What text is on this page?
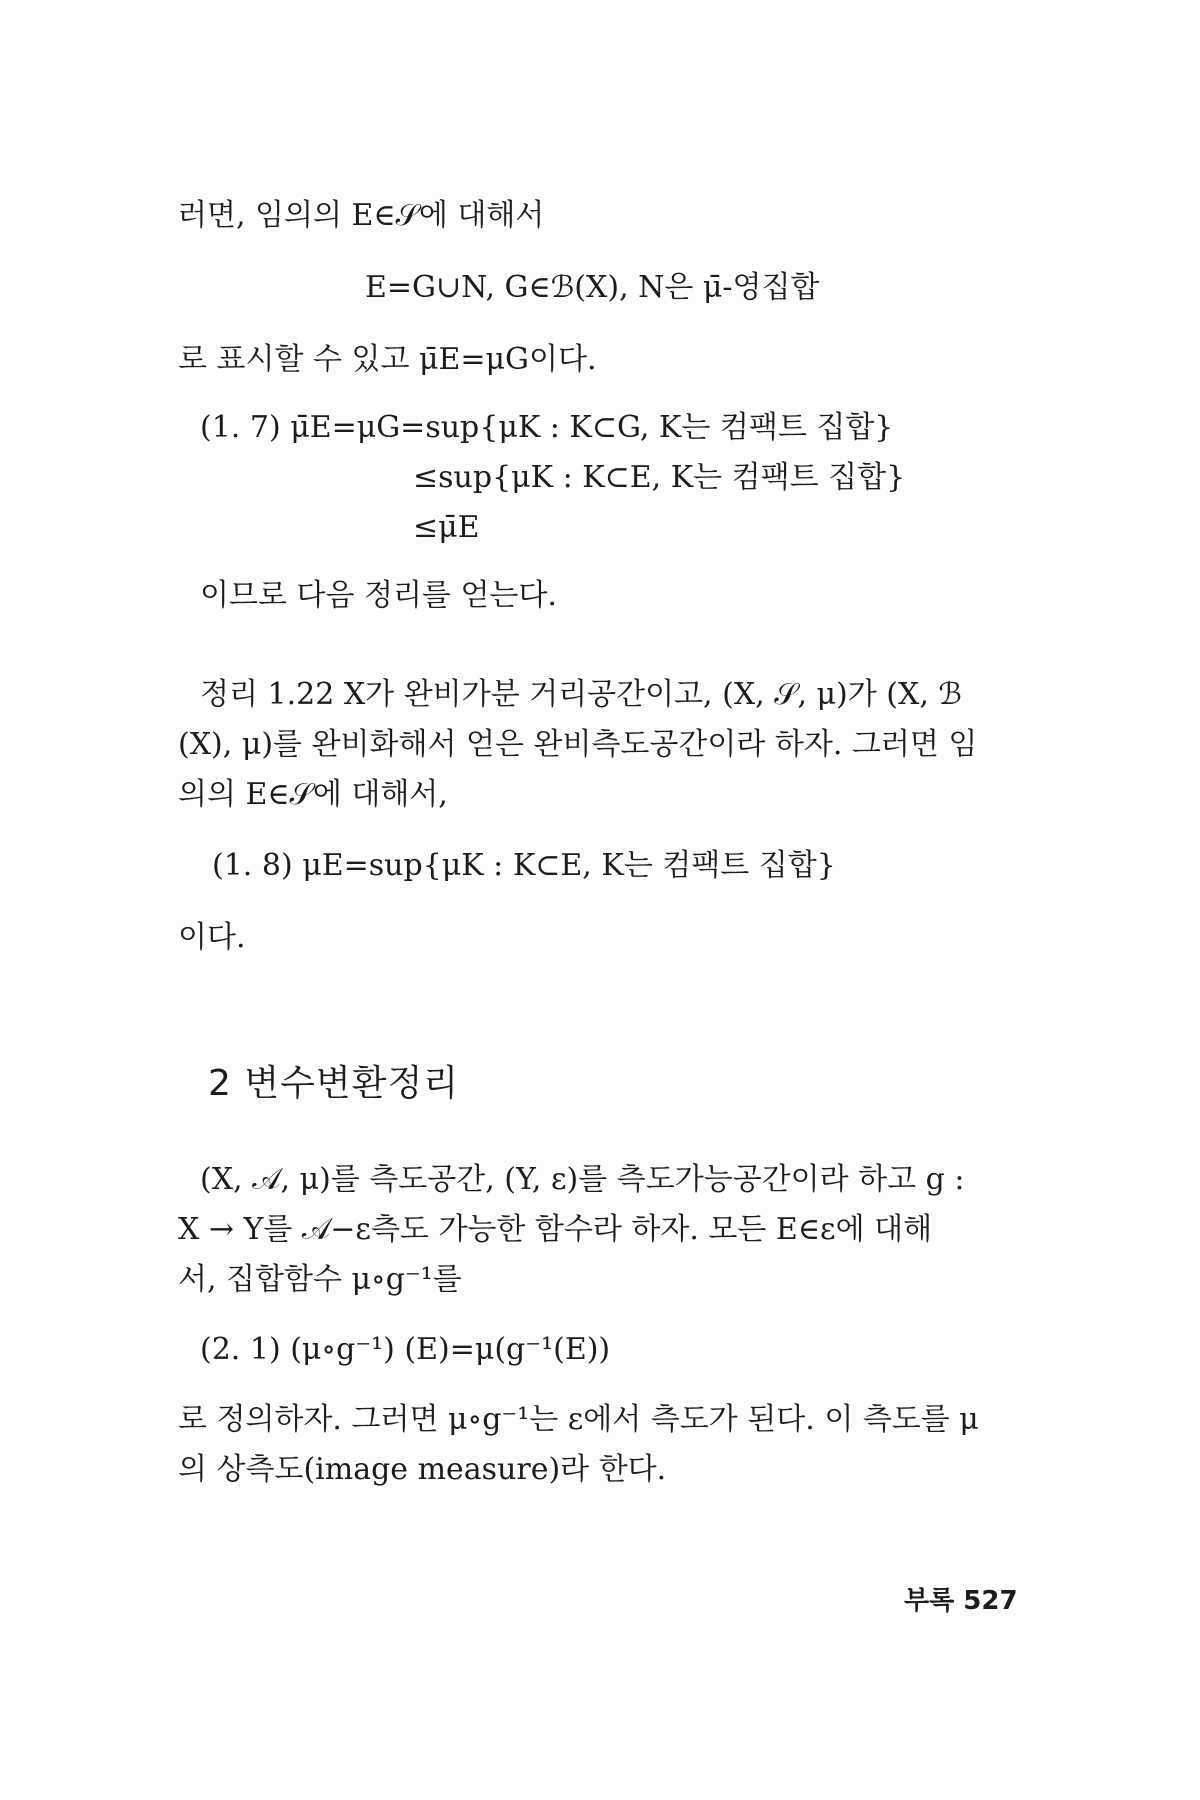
러면, 임의의 E∈𝒮에 대해서
E=G∪N, G∈ℬ(X), N은 μ̄-영집합
로 표시할 수 있고 μ̄E=μG이다.
(1. 7) μ̄E=μG=sup{μK : K⊂G, K는 컴팩트 집합}
≤sup{μK : K⊂E, K는 컴팩트 집합}
≤μ̄E
이므로 다음 정리를 얻는다.
정리 1.22 X가 완비가분 거리공간이고, (X, 𝒮, μ)가 (X, ℬ
(X), μ)를 완비화해서 얻은 완비측도공간이라 하자. 그러면 임
의의 E∈𝒮에 대해서,
(1. 8) μE=sup{μK : K⊂E, K는 컴팩트 집합}
이다.
2 변수변환정리
(X, 𝒜, μ)를 측도공간, (Y, ε)를 측도가능공간이라 하고 g :
X → Y를 𝒜−ε측도 가능한 함수라 하자. 모든 E∈ε에 대해
서, 집합함수 μ∘g⁻¹를
(2. 1) (μ∘g⁻¹) (E)=μ(g⁻¹(E))
로 정의하자. 그러면 μ∘g⁻¹는 ε에서 측도가 된다. 이 측도를 μ
의 상측도(image measure)라 한다.
부록 527
